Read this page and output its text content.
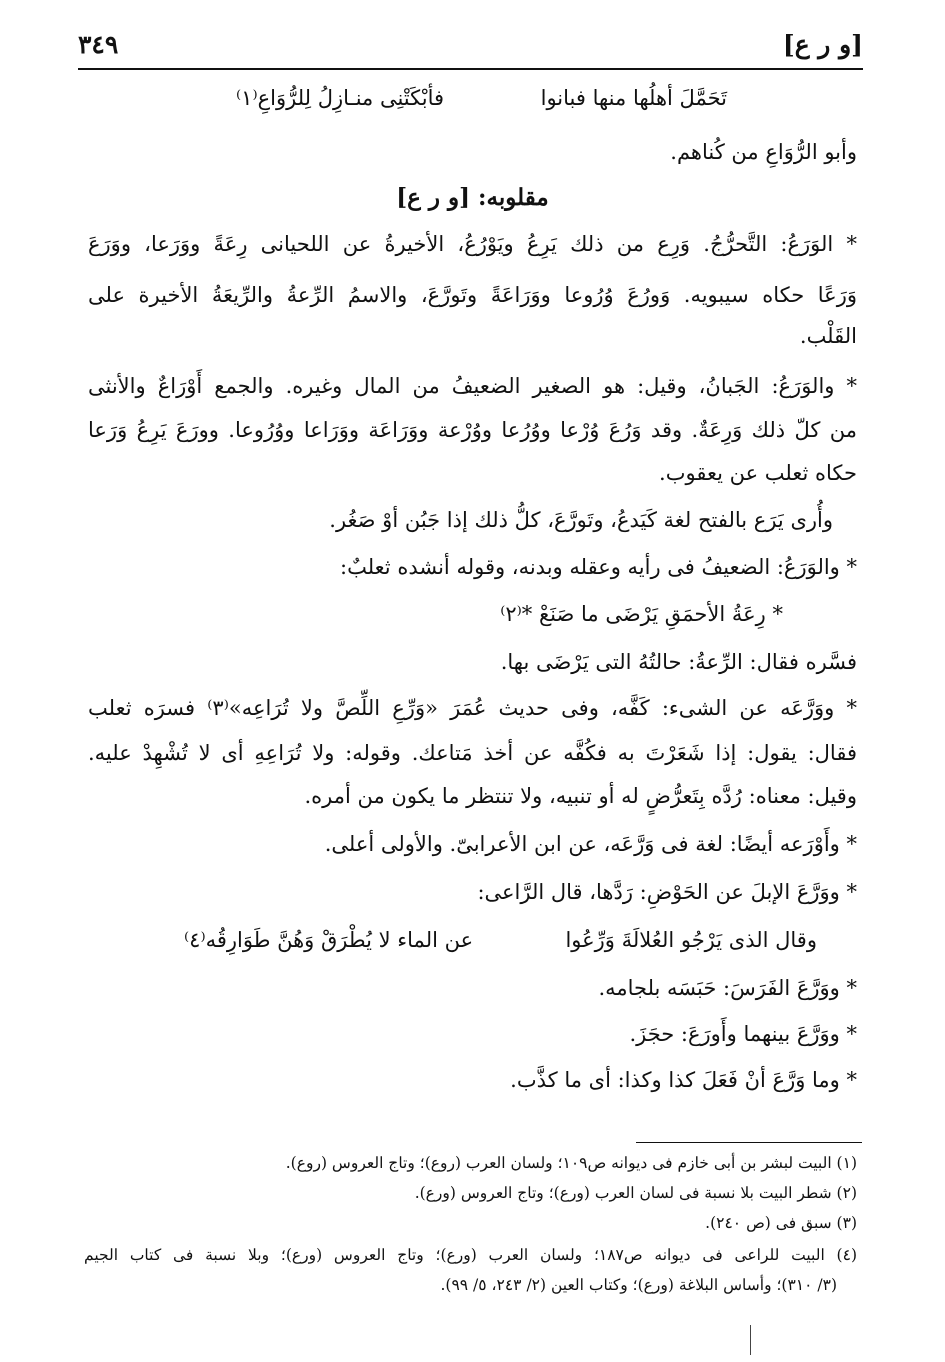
[و ر ع]
٣٤٩
تَحَمَّلَ أهلُها منها فبانوا
فأبْكَتْنِى منـازِلُ لِلرُّوَاعِ⁽١⁾
وأبو الرُّوَاعِ من كُناهم.
مقلوبه: [و ر ع]
* الوَرَعُ: التَّحرُّجُ. وَرِع من ذلك يَرِعُ ويَوْرُعُ، الأخيرةُ عن اللحيانى رِعَةً ووَرَعا، ووَرَعَ
وَرَعًا حكاه سيبويه. وَورُعَ وُرُوعا ووَرَاعَةً وتَورَّعَ، والاسمُ الرِّعةُ والرِّيعَةُ الأخيرة على
القَلْب.
* والوَرَعُ: الجَبانُ، وقيل: هو الصغير الضعيفُ من المال وغيره. والجمع أَوْرَاعٌ والأنثى
من كلّ ذلك وَرِعَةٌ. وقد وَرُعَ وُرْعا ووُرُعا ووُرْعة ووَرَاعَة ووَرَاعا ووُرُوعا. وورَعَ يَرِعُ وَرَعا
حكاه ثعلب عن يعقوب.
وأُرى يَرَع بالفتح لغة كَيَدعُ، وتَورَّعَ، كلُّ ذلك إذا جَبُن أوْ صَغُر.
* والوَرَعُ: الضعيفُ فى رأيه وعقله وبدنه، وقوله أنشده ثعلبٌ:
* رِعَةُ الأحمَقِ يَرْضَى ما صَنَعْ *⁽٢⁾
فسَّره فقال: الرِّعةُ: حالتُهُ التى يَرْضَى بها.
* ووَرَّعَه عن الشىء: كَفَّه، وفى حديث عُمَرَ «وَرِّعِ اللِّصَّ ولا تُرَاعِه»⁽٣⁾ فسرَه ثعلب
فقال: يقول: إذا شَعَرْتَ به فكُفَّه عن أخذ مَتاعك. وقوله: ولا تُرَاعِهِ أى لا تُشْهِدْ عليه.
وقيل: معناه: رُدَّه بِتَعرُّضٍ له أو تنبيه، ولا تنتظر ما يكون من أمره.
* وأَوْرَعه أيضًا: لغة فى وَرَّعَه، عن ابن الأعرابىّ. والأولى أعلى.
* ووَرَّعَ الإبلَ عن الحَوْضِ: رَدَّها، قال الرَّاعى:
وقال الذى يَرْجُو العُلالَةَ وَرِّعُوا
عن الماء لا يُطْرَقْ وَهُنَّ طَوَارِقُه⁽٤⁾
* ووَرَّعَ الفَرَسَ: حَبَسَه بلجامه.
* ووَرَّعَ بينهما وأَورَعَ: حجَزَ.
* وما وَرَّعَ أنْ فَعَلَ كذا وكذا: أى ما كذَّب.
(١) البيت لبشر بن أبى خازم فى ديوانه ص١٠٩؛ ولسان العرب (روع)؛ وتاج العروس (روع).
(٢) شطر البيت بلا نسبة فى لسان العرب (ورع)؛ وتاج العروس (ورع).
(٣) سبق فى (ص ٢٤٠).
(٤) البيت للراعى فى ديوانه ص١٨٧؛ ولسان العرب (ورع)؛ وتاج العروس (ورع)؛ وبلا نسبة فى كتاب الجيم
(٣/ ٣١٠)؛ وأساس البلاغة (ورع)؛ وكتاب العين (٢/ ٢٤٣، ٥/ ٩٩).
